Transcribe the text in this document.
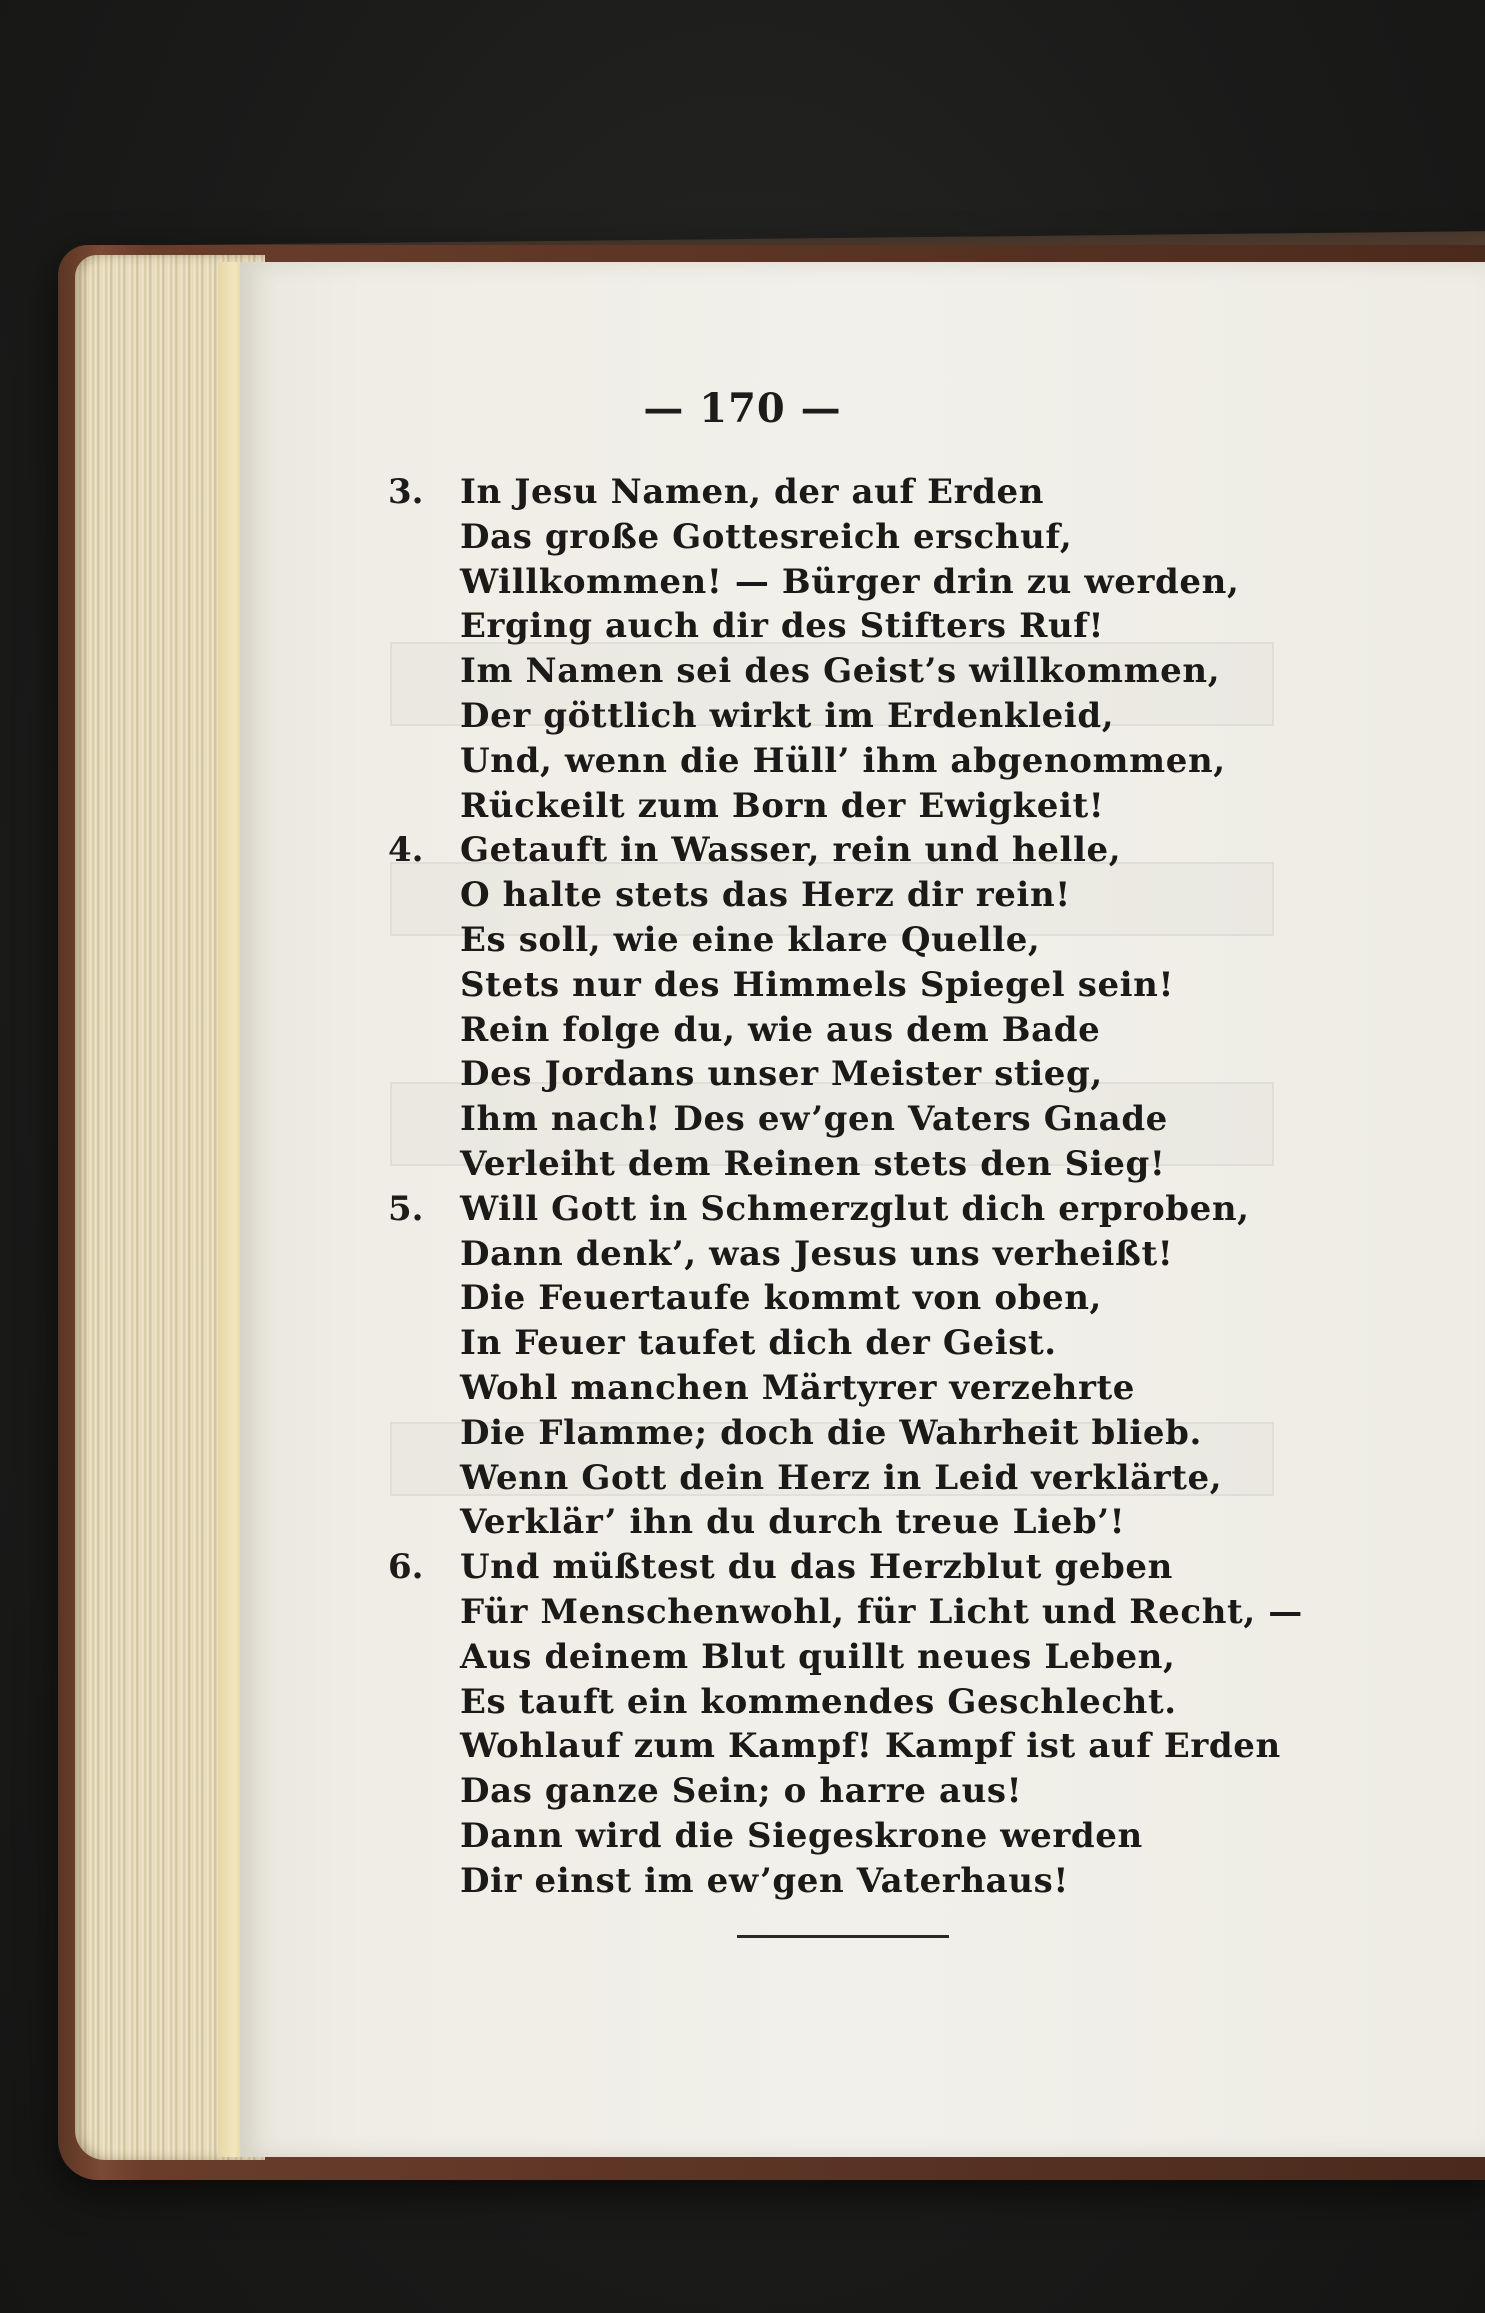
— 170 —
3.	In Jesu Namen, der auf Erden
Das große Gottesreich erschuf,
Willkommen! — Bürger drin zu werden,
Erging auch dir des Stifters Ruf!
Im Namen sei des Geist’s willkommen,
Der göttlich wirkt im Erdenkleid,
Und, wenn die Hüll’ ihm abgenommen,
Rückeilt zum Born der Ewigkeit!
4.	Getauft in Wasser, rein und helle,
O halte stets das Herz dir rein!
Es soll, wie eine klare Quelle,
Stets nur des Himmels Spiegel sein!
Rein folge du, wie aus dem Bade
Des Jordans unser Meister stieg,
Ihm nach! Des ew’gen Vaters Gnade
Verleiht dem Reinen stets den Sieg!
5.	Will Gott in Schmerzglut dich erproben,
Dann denk’, was Jesus uns verheißt!
Die Feuertaufe kommt von oben,
In Feuer taufet dich der Geist.
Wohl manchen Märtyrer verzehrte
Die Flamme; doch die Wahrheit blieb.
Wenn Gott dein Herz in Leid verklärte,
Verklär’ ihn du durch treue Lieb’!
6.	Und müßtest du das Herzblut geben
Für Menschenwohl, für Licht und Recht, —
Aus deinem Blut quillt neues Leben,
Es tauft ein kommendes Geschlecht.
Wohlauf zum Kampf! Kampf ist auf Erden
Das ganze Sein; o harre aus!
Dann wird die Siegeskrone werden
Dir einst im ew’gen Vaterhaus!
